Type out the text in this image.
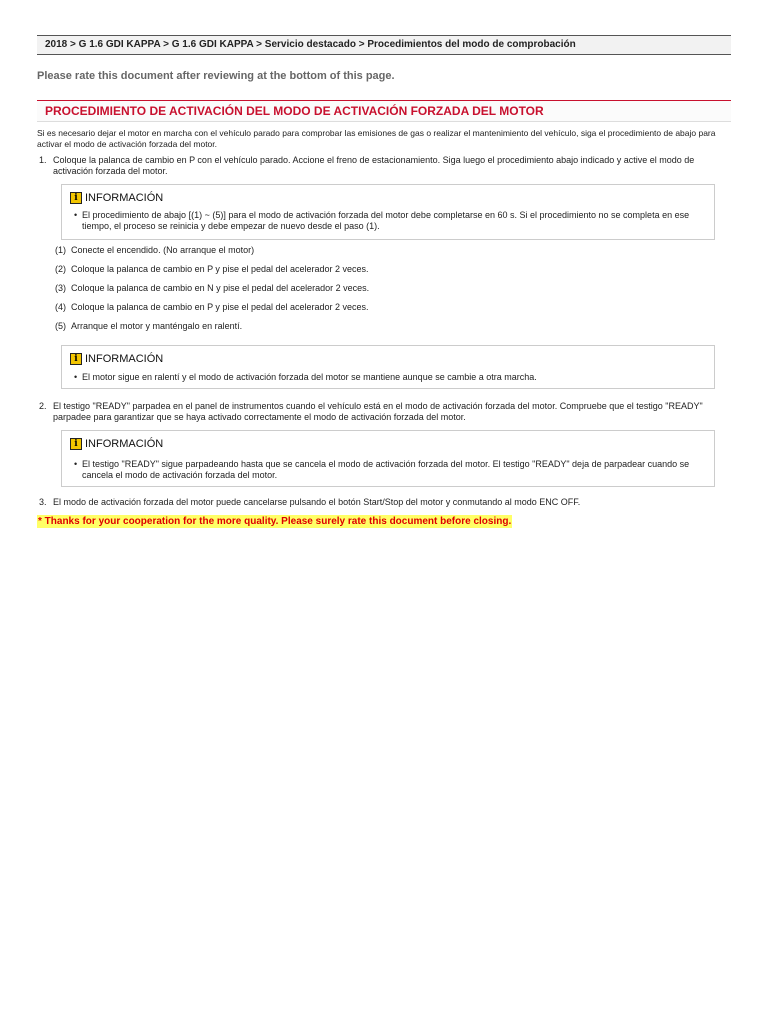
2018 > G 1.6 GDI KAPPA > G 1.6 GDI KAPPA > Servicio destacado > Procedimientos del modo de comprobación
Please rate this document after reviewing at the bottom of this page.
PROCEDIMIENTO DE ACTIVACIÓN DEL MODO DE ACTIVACIÓN FORZADA DEL MOTOR
Si es necesario dejar el motor en marcha con el vehículo parado para comprobar las emisiones de gas o realizar el mantenimiento del vehículo, siga el procedimiento de abajo para activar el modo de activación forzada del motor.
1. Coloque la palanca de cambio en P con el vehículo parado. Accione el freno de estacionamiento. Siga luego el procedimiento abajo indicado y active el modo de activación forzada del motor.
i INFORMACIÓN
• El procedimiento de abajo [(1) ~ (5)] para el modo de activación forzada del motor debe completarse en 60 s. Si el procedimiento no se completa en ese tiempo, el proceso se reinicia y debe empezar de nuevo desde el paso (1).
(1) Conecte el encendido. (No arranque el motor)
(2) Coloque la palanca de cambio en P y pise el pedal del acelerador 2 veces.
(3) Coloque la palanca de cambio en N y pise el pedal del acelerador 2 veces.
(4) Coloque la palanca de cambio en P y pise el pedal del acelerador 2 veces.
(5) Arranque el motor y manténgalo en ralentí.
i INFORMACIÓN
• El motor sigue en ralentí y el modo de activación forzada del motor se mantiene aunque se cambie a otra marcha.
2. El testigo "READY" parpadea en el panel de instrumentos cuando el vehículo está en el modo de activación forzada del motor. Compruebe que el testigo "READY" parpadee para garantizar que se haya activado correctamente el modo de activación forzada del motor.
i INFORMACIÓN
• El testigo "READY" sigue parpadeando hasta que se cancela el modo de activación forzada del motor. El testigo "READY" deja de parpadear cuando se cancela el modo de activación forzada del motor.
3. El modo de activación forzada del motor puede cancelarse pulsando el botón Start/Stop del motor y conmutando al modo ENC OFF.
* Thanks for your cooperation for the more quality. Please surely rate this document before closing.
